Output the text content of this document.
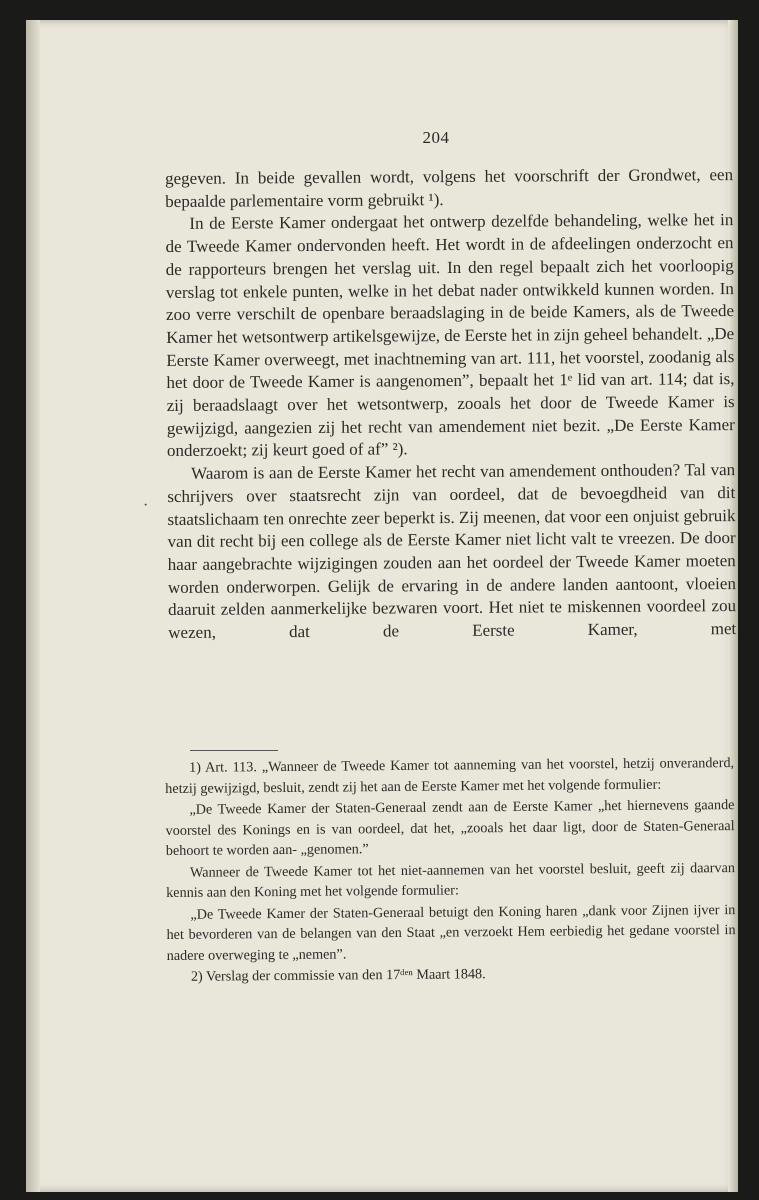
204

gegeven. In beide gevallen wordt, volgens het voorschrift der Grondwet, een bepaalde parlementaire vorm gebruikt ¹).

In de Eerste Kamer ondergaat het ontwerp dezelfde behandeling, welke het in de Tweede Kamer ondervonden heeft. Het wordt in de afdeelingen onderzocht en de rapporteurs brengen het verslag uit. In den regel bepaalt zich het voorloopig verslag tot enkele punten, welke in het debat nader ontwikkeld kunnen worden. In zoo verre verschilt de openbare beraadslaging in de beide Kamers, als de Tweede Kamer het wetsontwerp artikelsgewijze, de Eerste het in zijn geheel behandelt. „De Eerste Kamer overweegt, met inachtneming van art. 111, het voorstel, zoodanig als het door de Tweede Kamer is aangenomen”, bepaalt het 1ᵉ lid van art. 114; dat is, zij beraadslaagt over het wetsontwerp, zooals het door de Tweede Kamer is gewijzigd, aangezien zij het recht van amendement niet bezit. „De Eerste Kamer onderzoekt; zij keurt goed of af” ²).

Waarom is aan de Eerste Kamer het recht van amendement onthouden? Tal van schrijvers over staatsrecht zijn van oordeel, dat de bevoegdheid van dit staatslichaam ten onrechte zeer beperkt is. Zij meenen, dat voor een onjuist gebruik van dit recht bij een college als de Eerste Kamer niet licht valt te vreezen. De door haar aangebrachte wijzigingen zouden aan het oordeel der Tweede Kamer moeten worden onderworpen. Gelijk de ervaring in de andere landen aantoont, vloeien daaruit zelden aanmerkelijke bezwaren voort. Het niet te miskennen voordeel zou wezen, dat de Eerste Kamer, met

·

1) Art. 113. „Wanneer de Tweede Kamer tot aanneming van het voorstel, hetzij onveranderd, hetzij gewijzigd, besluit, zendt zij het aan de Eerste Kamer met het volgende formulier:

„De Tweede Kamer der Staten-Generaal zendt aan de Eerste Kamer „het hiernevens gaande voorstel des Konings en is van oordeel, dat het, „zooals het daar ligt, door de Staten-Generaal behoort te worden aan- „genomen.”

Wanneer de Tweede Kamer tot het niet-aannemen van het voorstel besluit, geeft zij daarvan kennis aan den Koning met het volgende formulier:

„De Tweede Kamer der Staten-Generaal betuigt den Koning haren „dank voor Zijnen ijver in het bevorderen van de belangen van den Staat „en verzoekt Hem eerbiedig het gedane voorstel in nadere overweging te „nemen”.

2) Verslag der commissie van den 17ᵈᵉⁿ Maart 1848.
